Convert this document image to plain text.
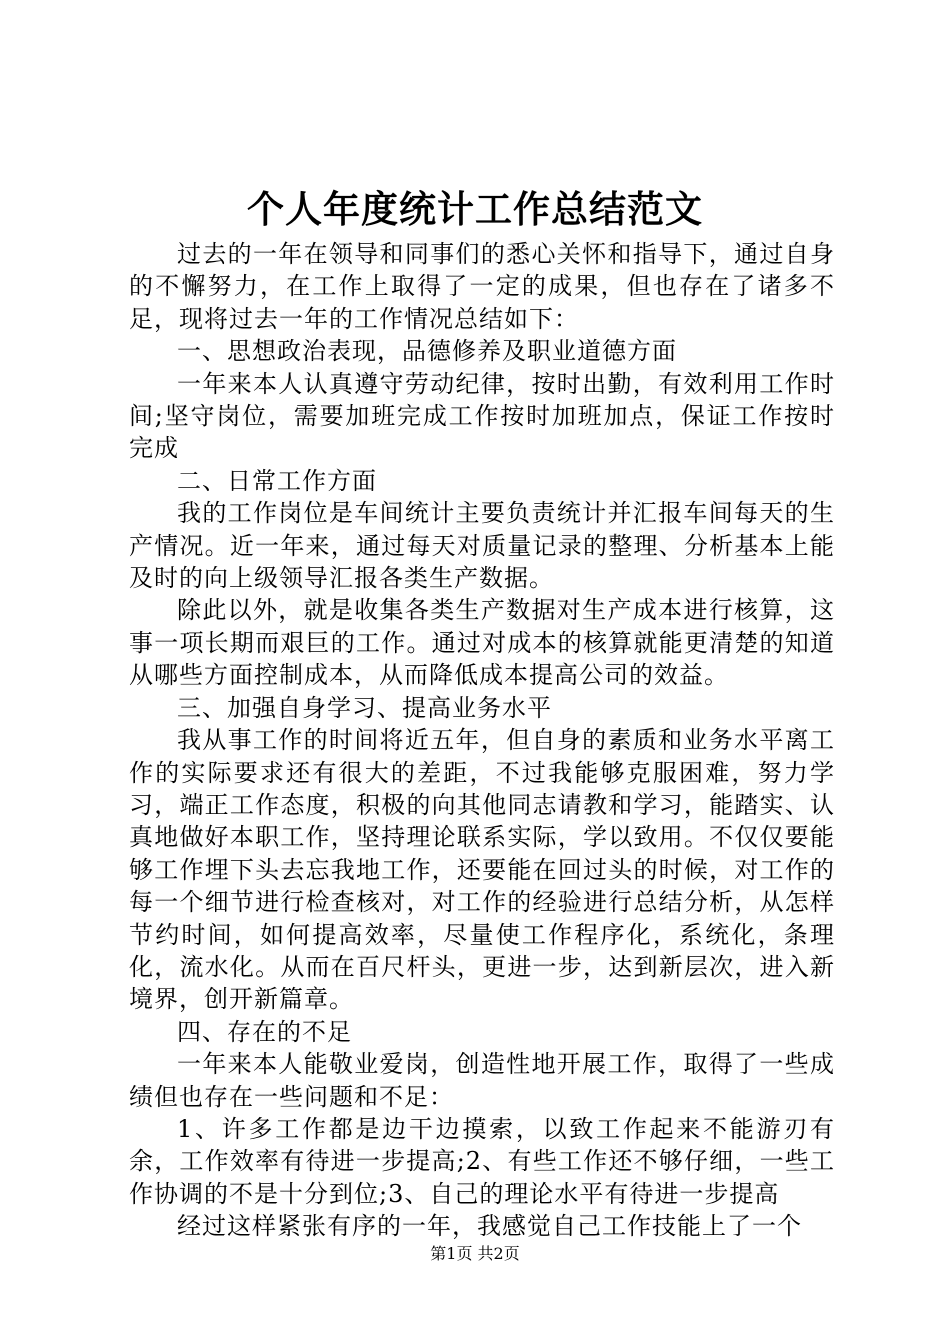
个人年度统计工作总结范文

过去的一年在领导和同事们的悉心关怀和指导下，通过自身的不懈努力，在工作上取得了一定的成果，但也存在了诸多不足，现将过去一年的工作情况总结如下：

一、思想政治表现，品德修养及职业道德方面

一年来本人认真遵守劳动纪律，按时出勤，有效利用工作时间;坚守岗位，需要加班完成工作按时加班加点，保证工作按时完成

二、日常工作方面

我的工作岗位是车间统计主要负责统计并汇报车间每天的生产情况。近一年来，通过每天对质量记录的整理、分析基本上能及时的向上级领导汇报各类生产数据。

除此以外，就是收集各类生产数据对生产成本进行核算，这事一项长期而艰巨的工作。通过对成本的核算就能更清楚的知道从哪些方面控制成本，从而降低成本提高公司的效益。

三、加强自身学习、提高业务水平

我从事工作的时间将近五年，但自身的素质和业务水平离工作的实际要求还有很大的差距，不过我能够克服困难，努力学习，端正工作态度，积极的向其他同志请教和学习，能踏实、认真地做好本职工作，坚持理论联系实际，学以致用。不仅仅要能够工作埋下头去忘我地工作，还要能在回过头的时候，对工作的每一个细节进行检查核对，对工作的经验进行总结分析，从怎样节约时间，如何提高效率，尽量使工作程序化，系统化，条理化，流水化。从而在百尺杆头，更进一步，达到新层次，进入新境界，创开新篇章。

四、存在的不足

一年来本人能敬业爱岗，创造性地开展工作，取得了一些成绩但也存在一些问题和不足：

1、许多工作都是边干边摸索，以致工作起来不能游刃有余，工作效率有待进一步提高;2、有些工作还不够仔细，一些工作协调的不是十分到位;3、自己的理论水平有待进一步提高

经过这样紧张有序的一年，我感觉自己工作技能上了一个

第1页 共2页
